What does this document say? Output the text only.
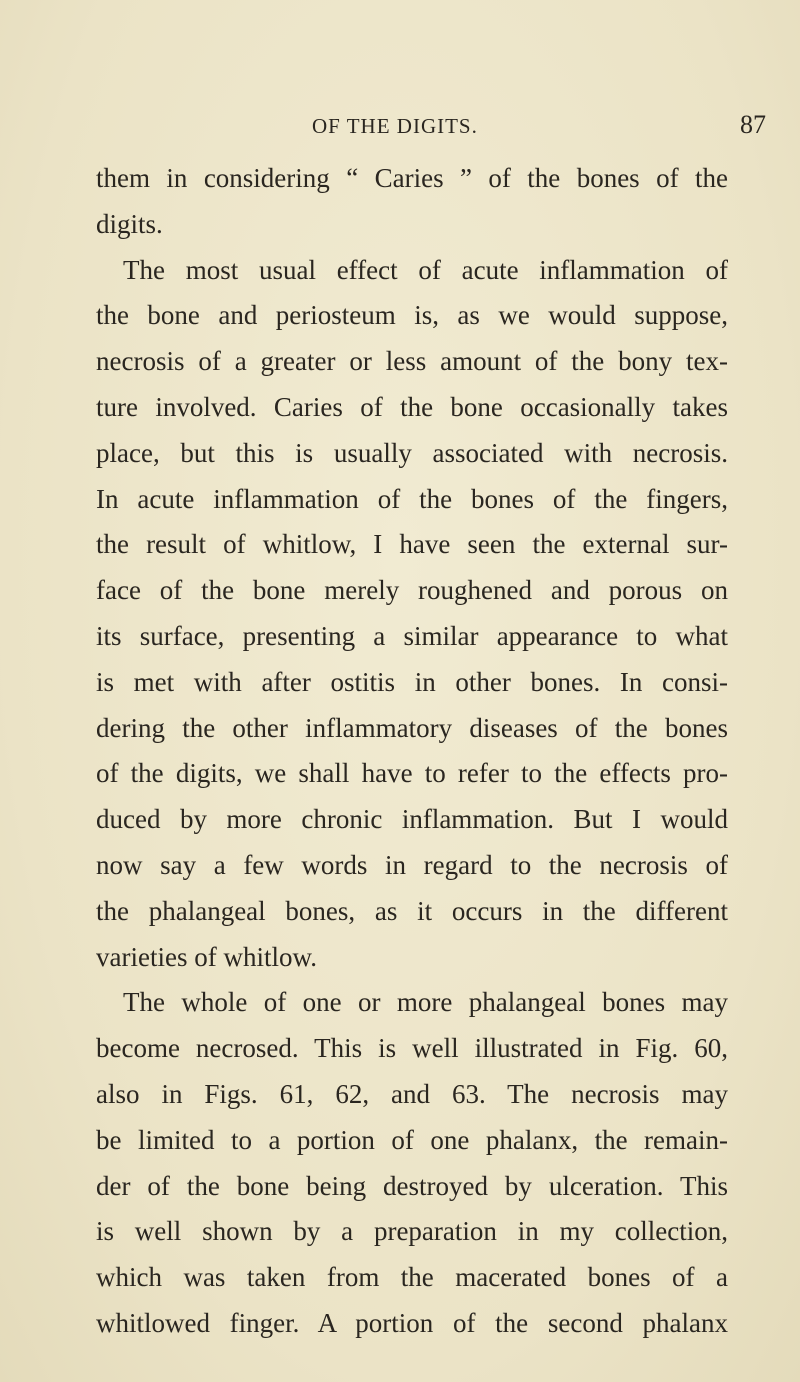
OF THE DIGITS.	87
them in considering “ Caries ” of the bones of the
digits.
The most usual effect of acute inflammation of
the bone and periosteum is, as we would suppose,
necrosis of a greater or less amount of the bony tex-
ture involved. Caries of the bone occasionally takes
place, but this is usually associated with necrosis.
In acute inflammation of the bones of the fingers,
the result of whitlow, I have seen the external sur-
face of the bone merely roughened and porous on
its surface, presenting a similar appearance to what
is met with after ostitis in other bones. In consi-
dering the other inflammatory diseases of the bones
of the digits, we shall have to refer to the effects pro-
duced by more chronic inflammation. But I would
now say a few words in regard to the necrosis of
the phalangeal bones, as it occurs in the different
varieties of whitlow.
The whole of one or more phalangeal bones may
become necrosed. This is well illustrated in Fig. 60,
also in Figs. 61, 62, and 63. The necrosis may
be limited to a portion of one phalanx, the remain-
der of the bone being destroyed by ulceration. This
is well shown by a preparation in my collection,
which was taken from the macerated bones of a
whitlowed finger. A portion of the second phalanx
